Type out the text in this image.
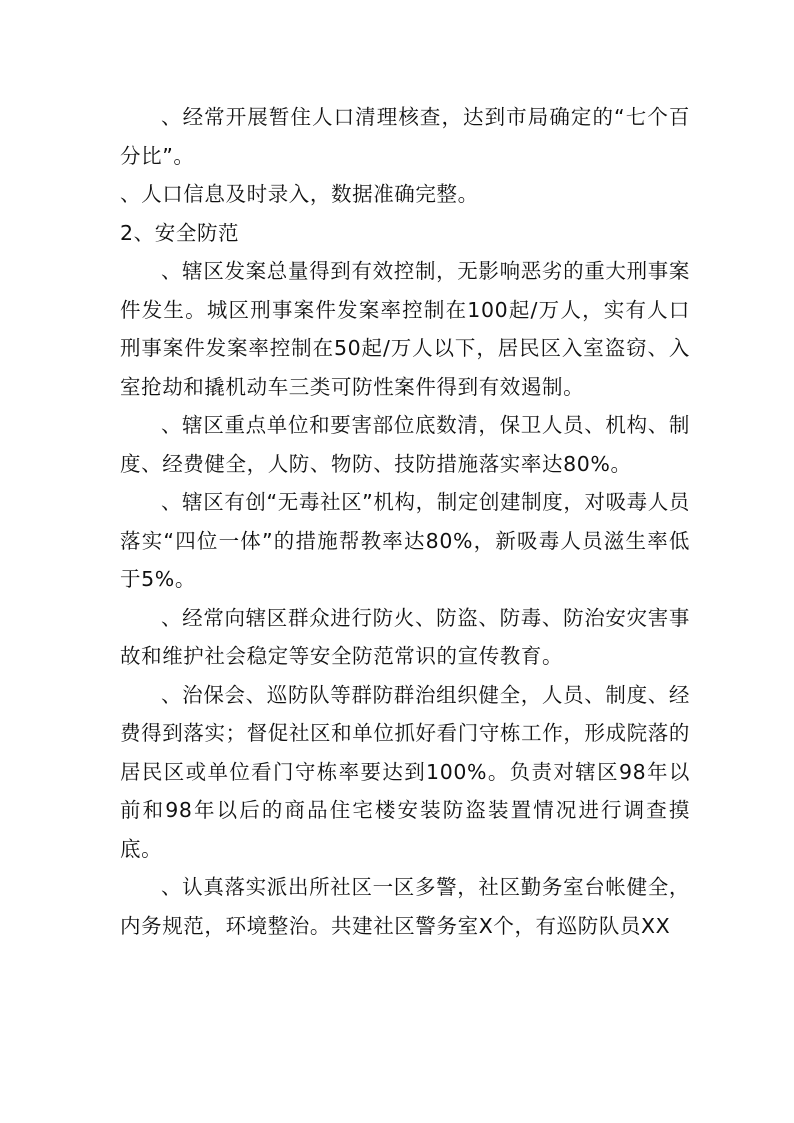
、经常开展暂住人口清理核查，达到市局确定的“七个百分比”。

、人口信息及时录入，数据准确完整。

2、安全防范

、辖区发案总量得到有效控制，无影响恶劣的重大刑事案件发生。城区刑事案件发案率控制在100起/万人，实有人口刑事案件发案率控制在50起/万人以下，居民区入室盗窃、入室抢劫和撬机动车三类可防性案件得到有效遏制。

、辖区重点单位和要害部位底数清，保卫人员、机构、制度、经费健全，人防、物防、技防措施落实率达80%。

、辖区有创“无毒社区”机构，制定创建制度，对吸毒人员落实“四位一体”的措施帮教率达80%，新吸毒人员滋生率低于5%。

、经常向辖区群众进行防火、防盗、防毒、防治安灾害事故和维护社会稳定等安全防范常识的宣传教育。

、治保会、巡防队等群防群治组织健全，人员、制度、经费得到落实；督促社区和单位抓好看门守栋工作，形成院落的居民区或单位看门守栋率要达到100%。负责对辖区98年以前和98年以后的商品住宅楼安装防盗装置情况进行调查摸底。

、认真落实派出所社区一区多警，社区勤务室台帐健全，内务规范，环境整治。共建社区警务室X个，有巡防队员XX
